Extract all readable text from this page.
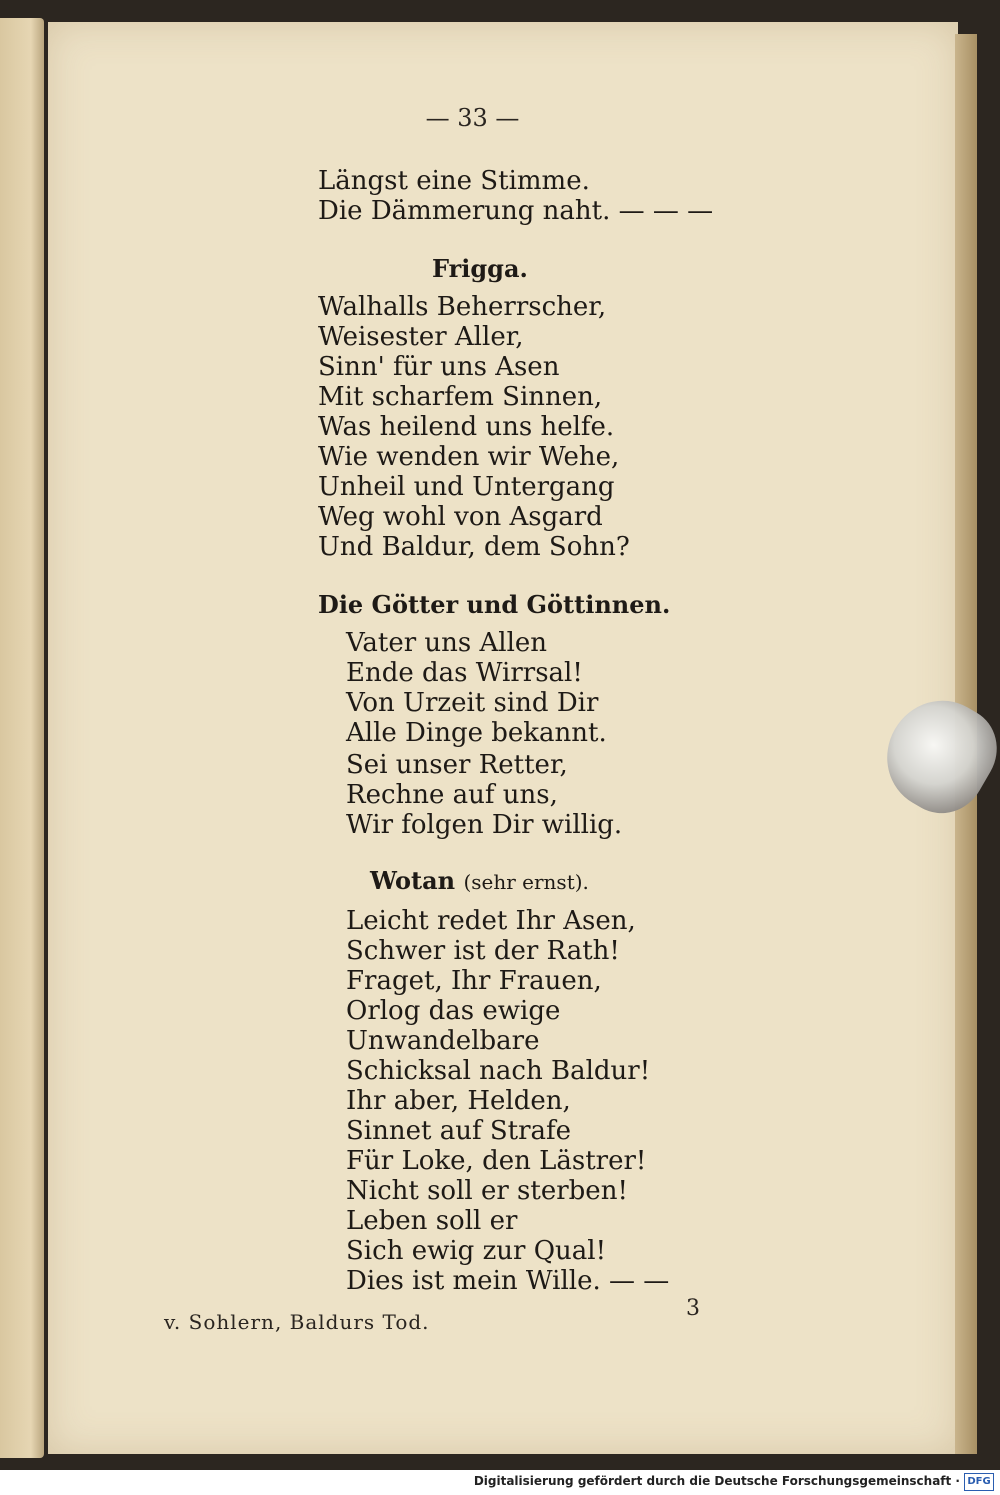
— 33 —
Längst eine Stimme.
Die Dämmerung naht. — — —
Frigga.
Walhalls Beherrscher,
Weisester Aller,
Sinn' für uns Asen
Mit scharfem Sinnen,
Was heilend uns helfe.
Wie wenden wir Wehe,
Unheil und Untergang
Weg wohl von Asgard
Und Baldur, dem Sohn?
Die Götter und Göttinnen.
Vater uns Allen
Ende das Wirrsal!
Von Urzeit sind Dir
Alle Dinge bekannt.
Sei unser Retter,
Rechne auf uns,
Wir folgen Dir willig.
Wotan (sehr ernst).
Leicht redet Ihr Asen,
Schwer ist der Rath!
Fraget, Ihr Frauen,
Orlog das ewige
Unwandelbare
Schicksal nach Baldur!
Ihr aber, Helden,
Sinnet auf Strafe
Für Loke, den Lästrer!
Nicht soll er sterben!
Leben soll er
Sich ewig zur Qual!
Dies ist mein Wille. — —
3
v. Sohlern, Baldurs Tod.
Digitalisierung gefördert durch die Deutsche Forschungsgemeinschaft · DFG
